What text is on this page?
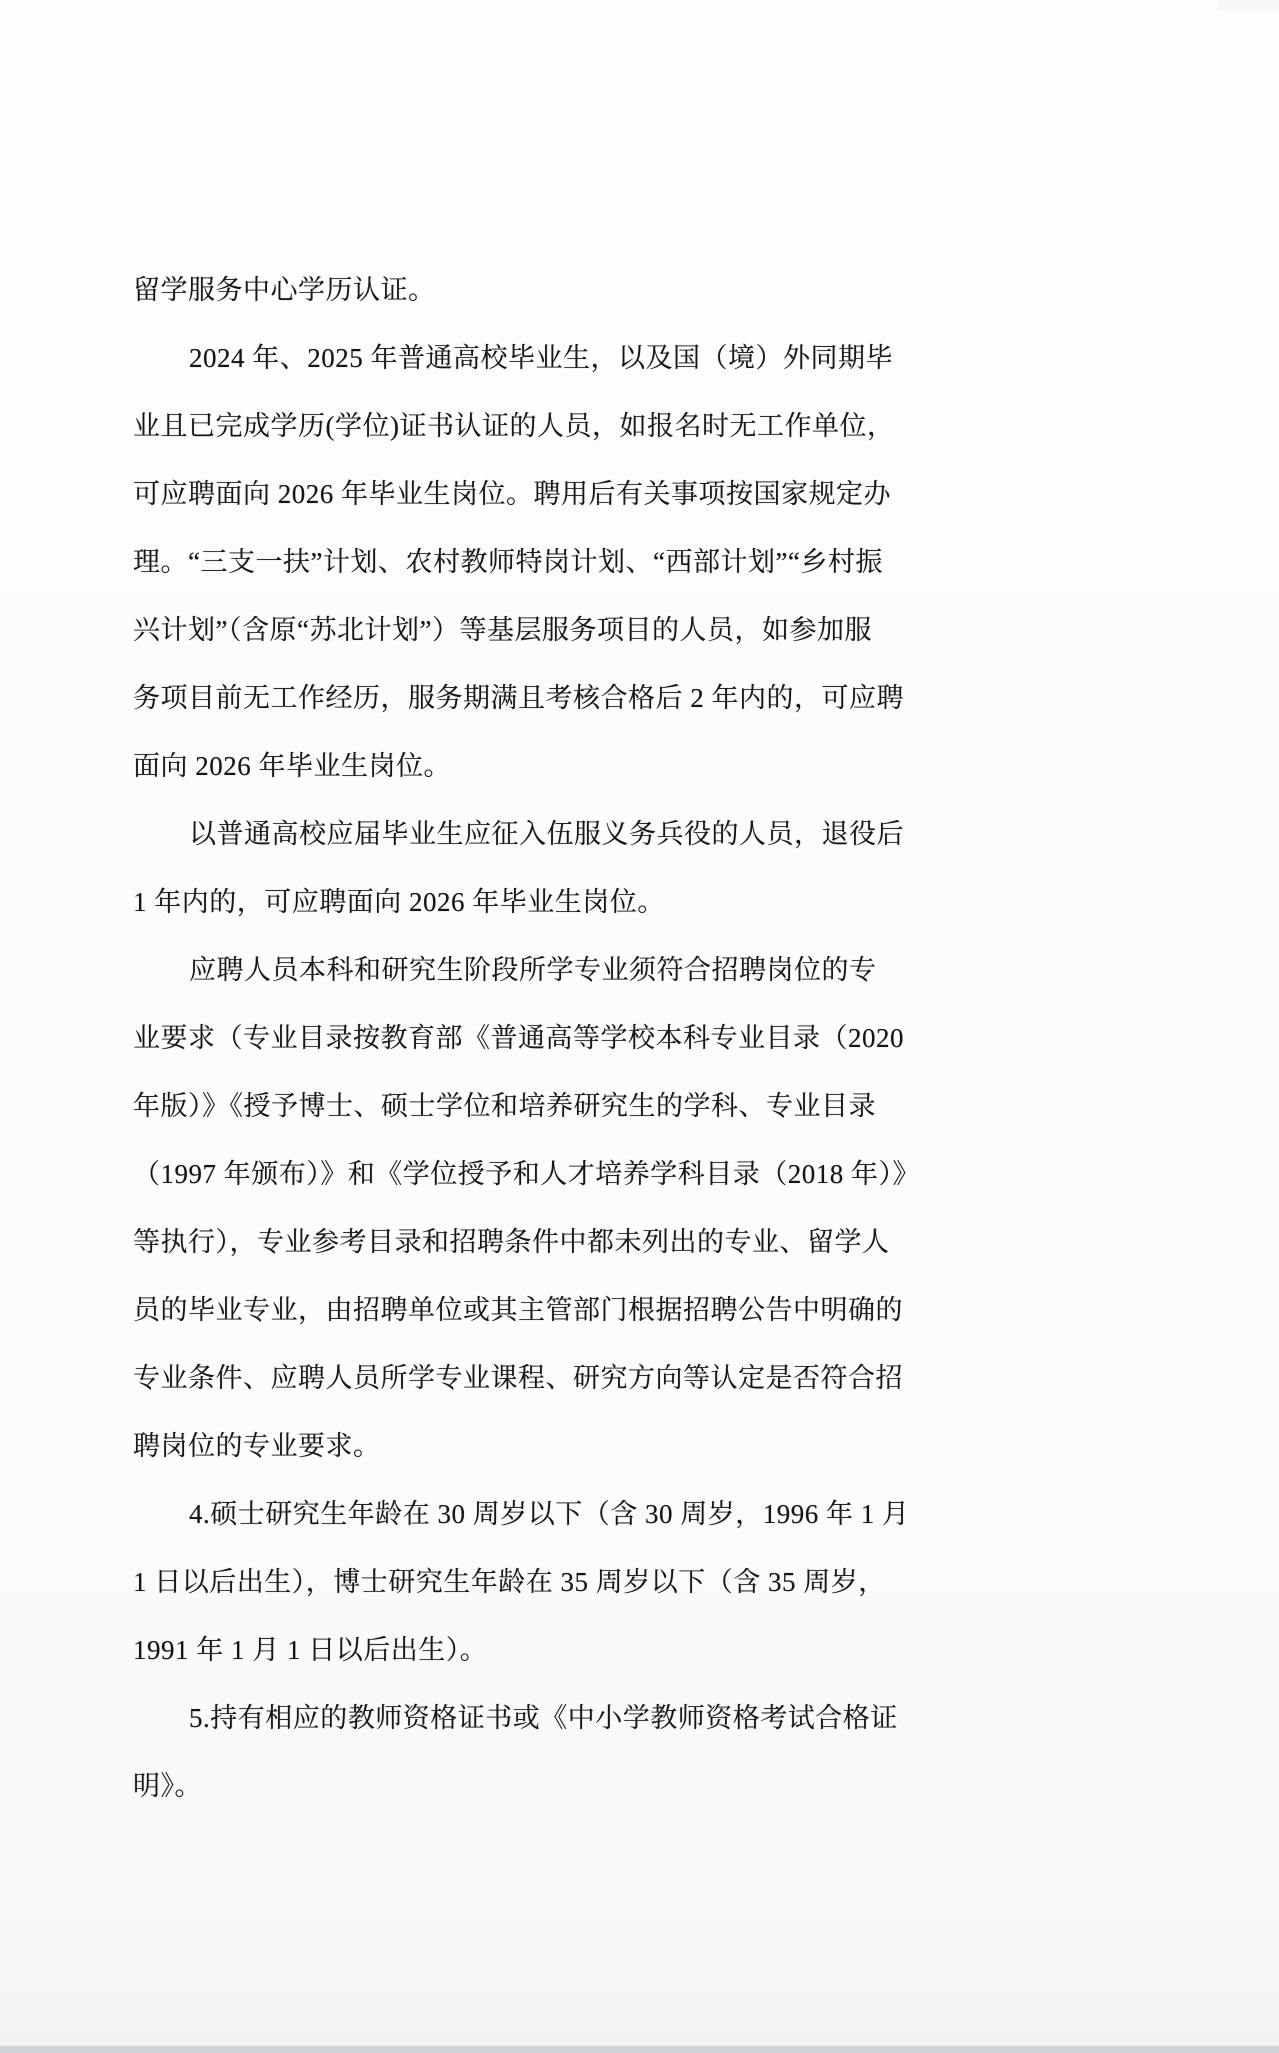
留学服务中心学历认证。
2024 年、2025 年普通高校毕业生，以及国（境）外同期毕
业且已完成学历(学位)证书认证的人员，如报名时无工作单位，
可应聘面向 2026 年毕业生岗位。聘用后有关事项按国家规定办
理。“三支一扶”计划、农村教师特岗计划、“西部计划”“乡村振
兴计划”（含原“苏北计划”）等基层服务项目的人员，如参加服
务项目前无工作经历，服务期满且考核合格后 2 年内的，可应聘
面向 2026 年毕业生岗位。
以普通高校应届毕业生应征入伍服义务兵役的人员，退役后
1 年内的，可应聘面向 2026 年毕业生岗位。
应聘人员本科和研究生阶段所学专业须符合招聘岗位的专
业要求（专业目录按教育部《普通高等学校本科专业目录（2020
年版）》《授予博士、硕士学位和培养研究生的学科、专业目录
（1997 年颁布）》和《学位授予和人才培养学科目录（2018 年）》
等执行），专业参考目录和招聘条件中都未列出的专业、留学人
员的毕业专业，由招聘单位或其主管部门根据招聘公告中明确的
专业条件、应聘人员所学专业课程、研究方向等认定是否符合招
聘岗位的专业要求。
4.硕士研究生年龄在 30 周岁以下（含 30 周岁，1996 年 1 月
1 日以后出生），博士研究生年龄在 35 周岁以下（含 35 周岁，
1991 年 1 月 1 日以后出生）。
5.持有相应的教师资格证书或《中小学教师资格考试合格证
明》。
